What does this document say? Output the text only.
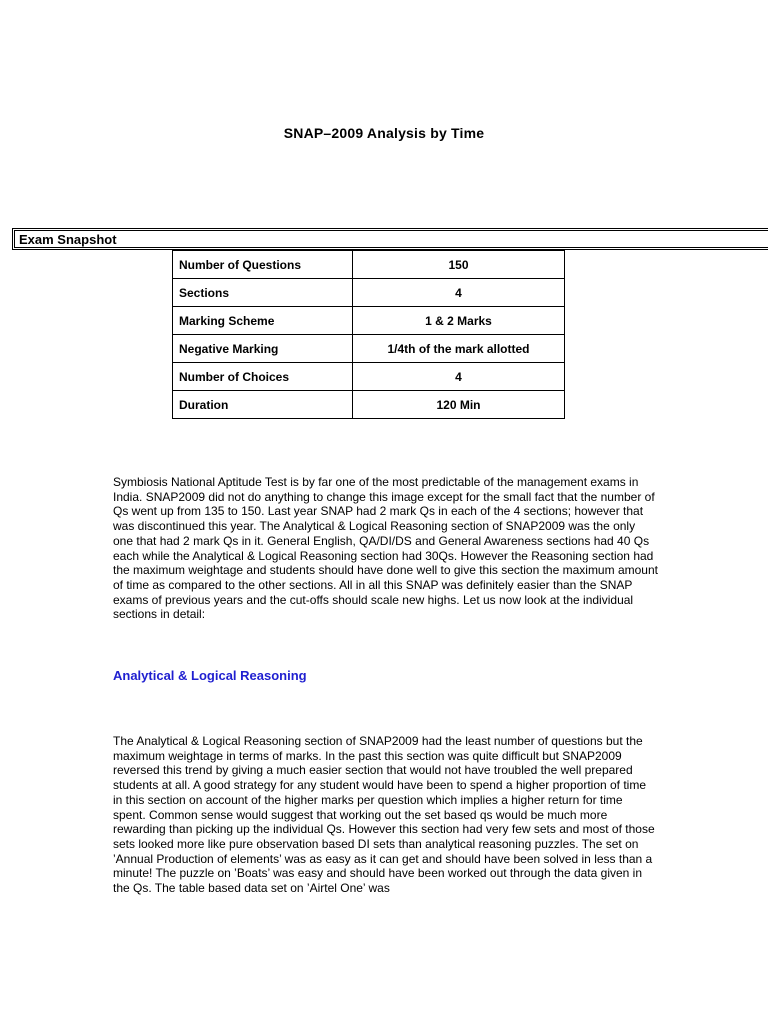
SNAP–2009 Analysis by Time
Exam Snapshot
Number of Questions	150
Sections	4
Marking Scheme	1 & 2 Marks
Negative Marking	1/4th of the mark allotted
Number of Choices	4
Duration	120 Min

Symbiosis National Aptitude Test is by far one of the most predictable of the management exams in India. SNAP2009 did not do anything to change this image except for the small fact that the number of Qs went up from 135 to 150. Last year SNAP had 2 mark Qs in each of the 4 sections; however that was discontinued this year. The Analytical & Logical Reasoning section of SNAP2009 was the only one that had 2 mark Qs in it. General English, QA/DI/DS and General Awareness sections had 40 Qs each while the Analytical & Logical Reasoning section had 30Qs. However the Reasoning section had the maximum weightage and students should have done well to give this section the maximum amount of time as compared to the other sections. All in all this SNAP was definitely easier than the SNAP exams of previous years and the cut-offs should scale new highs. Let us now look at the individual sections in detail:

Analytical & Logical Reasoning

The Analytical & Logical Reasoning section of SNAP2009 had the least number of questions but the maximum weightage in terms of marks. In the past this section was quite difficult but SNAP2009 reversed this trend by giving a much easier section that would not have troubled the well prepared students at all. A good strategy for any student would have been to spend a higher proportion of time in this section on account of the higher marks per question which implies a higher return for time spent. Common sense would suggest that working out the set based qs would be much more rewarding than picking up the individual Qs. However this section had very few sets and most of those sets looked more like pure observation based DI sets than analytical reasoning puzzles. The set on ’Annual Production of elements’ was as easy as it can get and should have been solved in less than a minute! The puzzle on ’Boats’ was easy and should have been worked out through the data given in the Qs. The table based data set on ’Airtel One’ was
